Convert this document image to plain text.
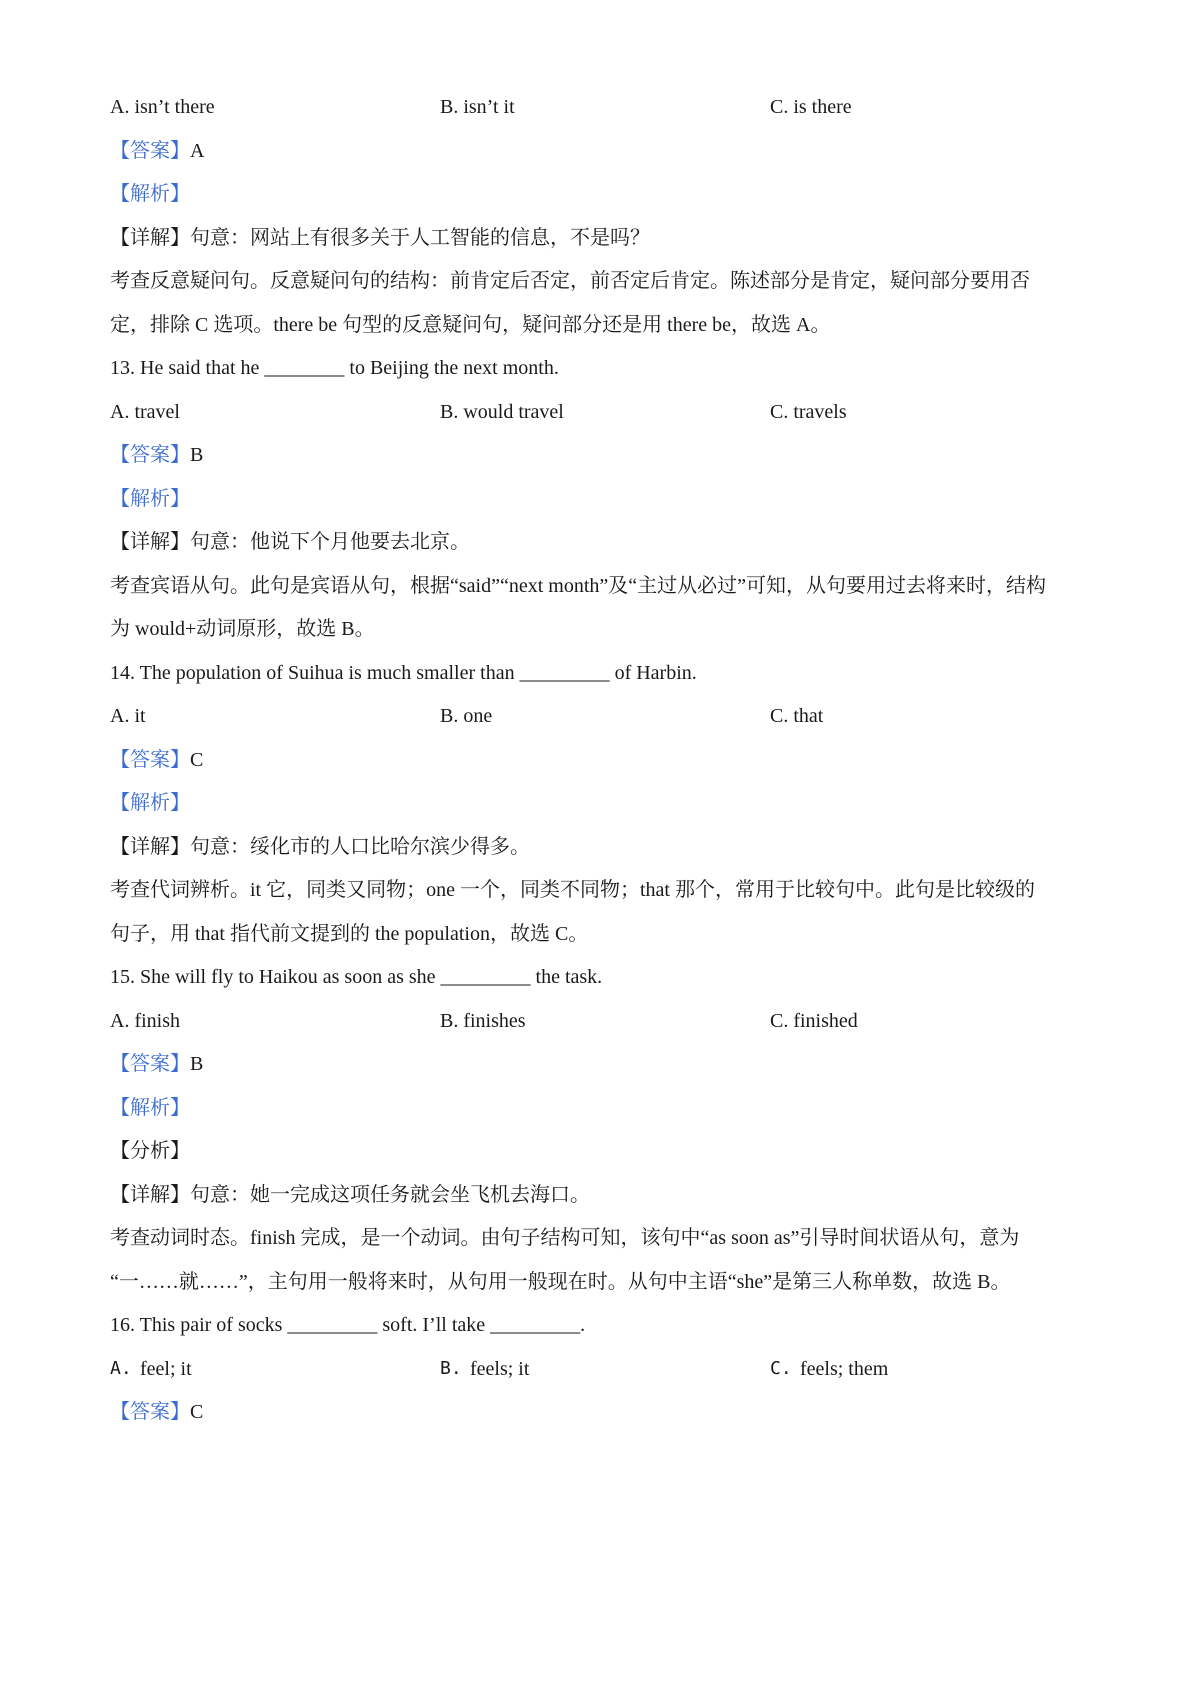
A. isn’t there	B. isn’t it	C. is there
【答案】A
【解析】
【详解】句意：网站上有很多关于人工智能的信息，不是吗？
考查反意疑问句。反意疑问句的结构：前肯定后否定，前否定后肯定。陈述部分是肯定，疑问部分要用否
定，排除 C 选项。there be 句型的反意疑问句，疑问部分还是用 there be，故选 A。
13. He said that he ________ to Beijing the next month.
A. travel	B. would travel	C. travels
【答案】B
【解析】
【详解】句意：他说下个月他要去北京。
考查宾语从句。此句是宾语从句，根据“said”“next month”及“主过从必过”可知，从句要用过去将来时，结构
为 would+动词原形，故选 B。
14. The population of Suihua is much smaller than _________ of Harbin.
A. it	B. one	C. that
【答案】C
【解析】
【详解】句意：绥化市的人口比哈尔滨少得多。
考查代词辨析。it 它，同类又同物；one 一个，同类不同物；that 那个，常用于比较句中。此句是比较级的
句子，用 that 指代前文提到的 the population，故选 C。
15. She will fly to Haikou as soon as she _________ the task.
A. finish	B. finishes	C. finished
【答案】B
【解析】
【分析】
【详解】句意：她一完成这项任务就会坐飞机去海口。
考查动词时态。finish 完成，是一个动词。由句子结构可知，该句中“as soon as”引导时间状语从句，意为
“一……就……”，主句用一般将来时，从句用一般现在时。从句中主语“she”是第三人称单数，故选 B。
16. This pair of socks _________ soft. I’ll take _________.
A. feel; it	B. feels; it	C. feels; them
【答案】C
